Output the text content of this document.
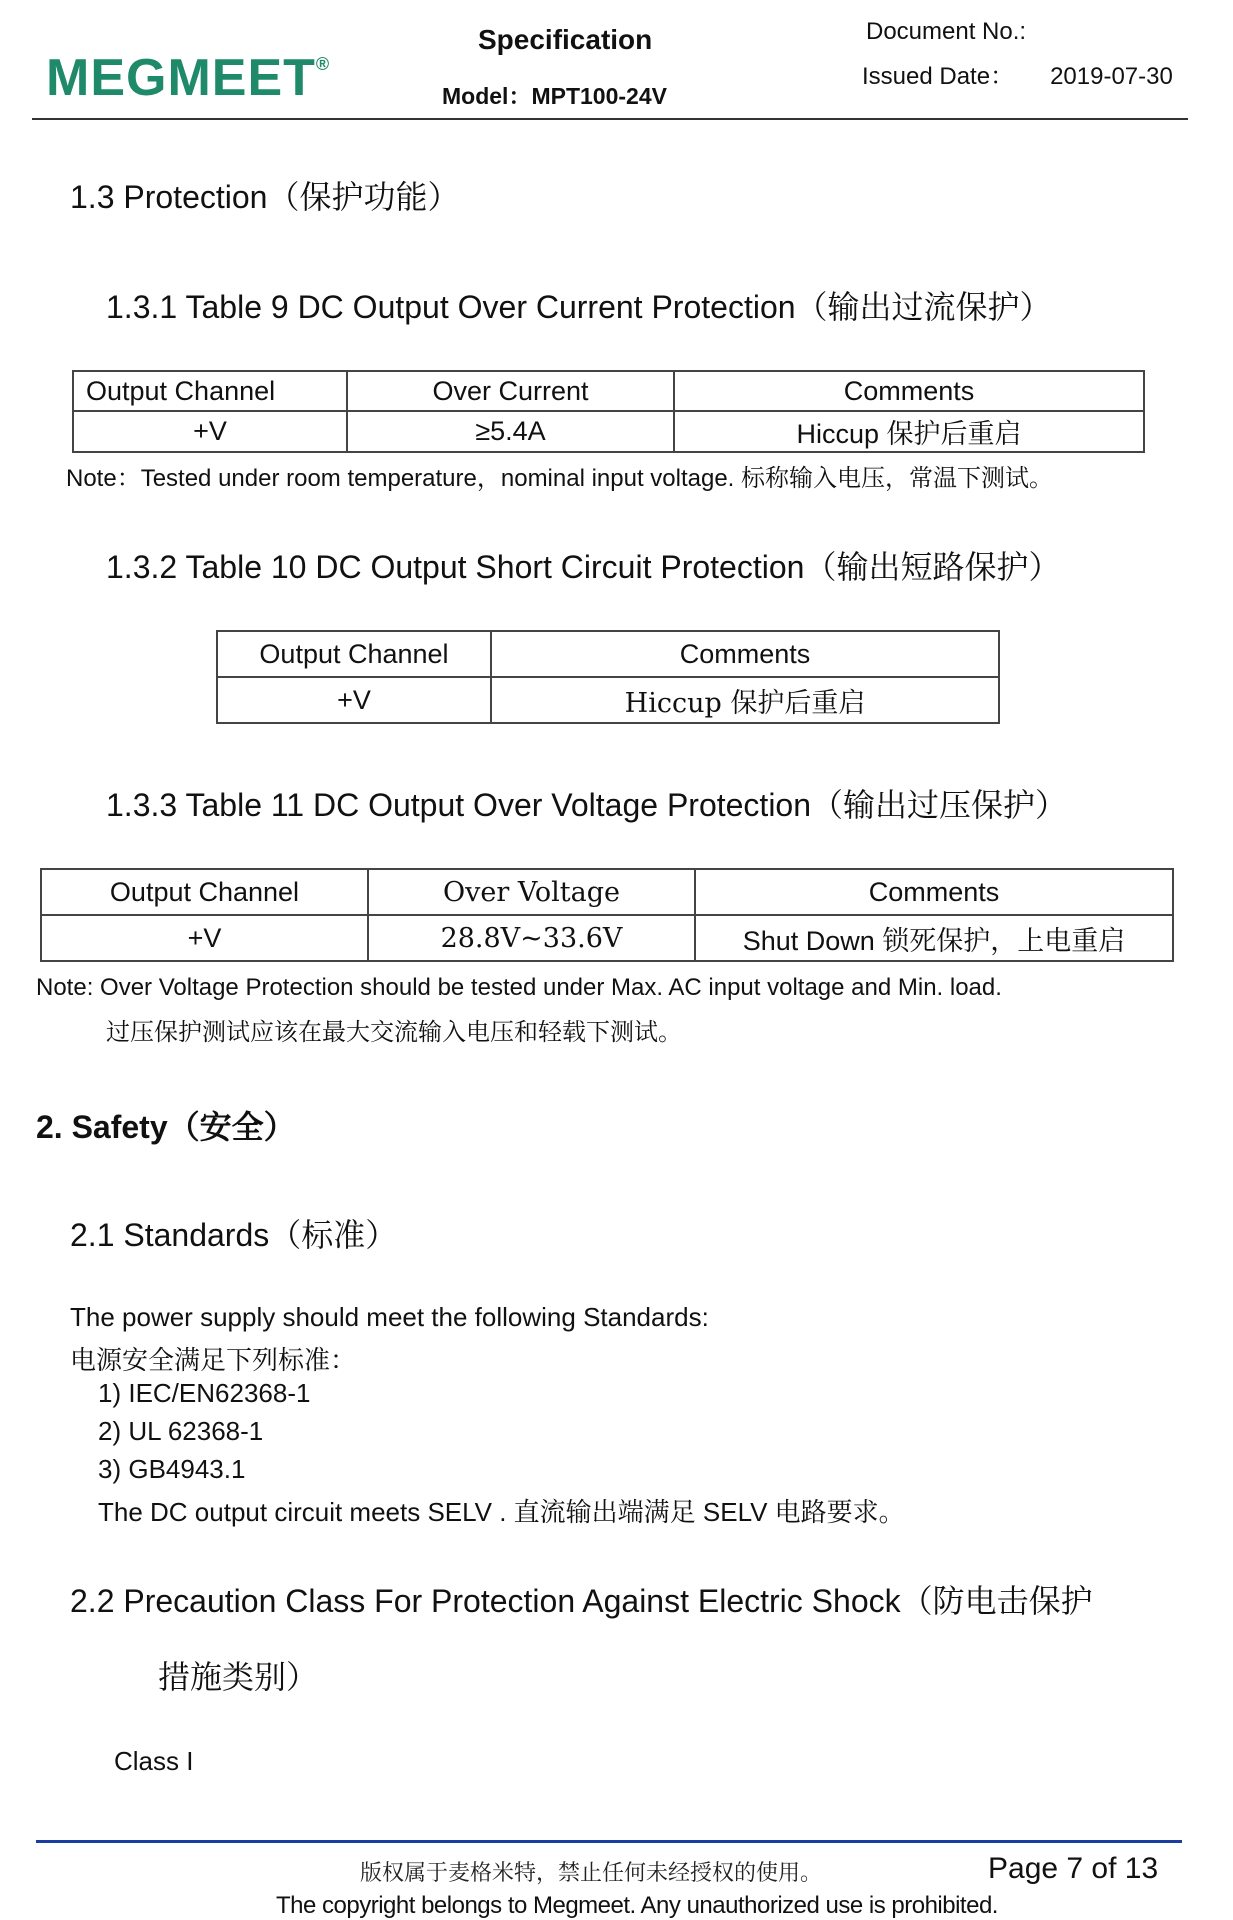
MEGMEET®
Specification
Model：MPT100-24V
Document No.:
Issued Date： 2019-07-30
1.3 Protection（保护功能）
1.3.1 Table 9 DC Output Over Current Protection（输出过流保护）
Output Channel	Over Current	Comments
+V	≥5.4A	Hiccup 保护后重启
Note：Tested under room temperature，nominal input voltage. 标称输入电压，常温下测试。
1.3.2 Table 10 DC Output Short Circuit Protection（输出短路保护）
Output Channel	Comments
+V	Hiccup 保护后重启
1.3.3 Table 11 DC Output Over Voltage Protection（输出过压保护）
Output Channel	Over Voltage	Comments
+V	28.8V~33.6V	Shut Down 锁死保护，上电重启
Note: Over Voltage Protection should be tested under Max. AC input voltage and Min. load.
过压保护测试应该在最大交流输入电压和轻载下测试。
2. Safety（安全）
2.1 Standards（标准）
The power supply should meet the following Standards:
电源安全满足下列标准：
1) IEC/EN62368-1
2) UL 62368-1
3) GB4943.1
The DC output circuit meets SELV . 直流输出端满足 SELV 电路要求。
2.2 Precaution Class For Protection Against Electric Shock（防电击保护
措施类别）
Class I
版权属于麦格米特，禁止任何未经授权的使用。
The copyright belongs to Megmeet. Any unauthorized use is prohibited.
Page 7 of 13
